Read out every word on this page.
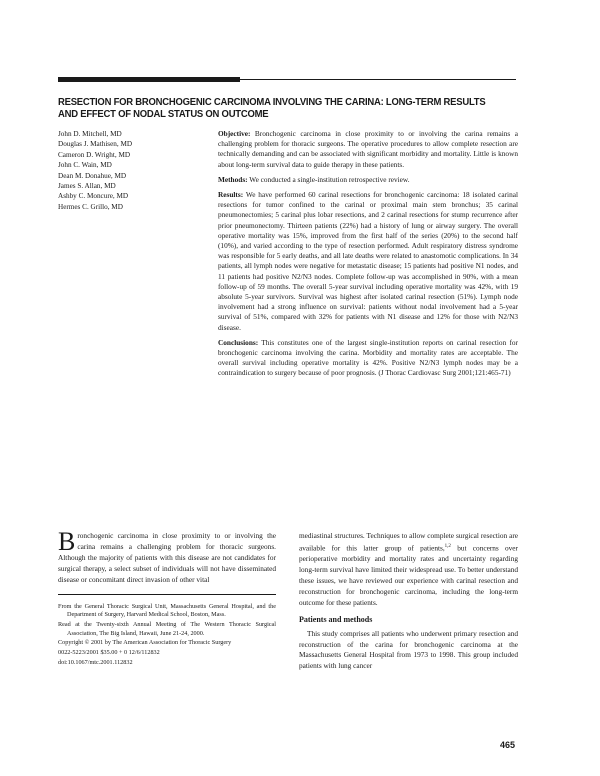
RESECTION FOR BRONCHOGENIC CARCINOMA INVOLVING THE CARINA: LONG-TERM RESULTS AND EFFECT OF NODAL STATUS ON OUTCOME
John D. Mitchell, MD
Douglas J. Mathisen, MD
Cameron D. Wright, MD
John C. Wain, MD
Dean M. Donahue, MD
James S. Allan, MD
Ashby C. Moncure, MD
Hermes C. Grillo, MD

Objective: Bronchogenic carcinoma in close proximity to or involving the carina remains a challenging problem for thoracic surgeons. The operative procedures to allow complete resection are technically demanding and can be associated with significant morbidity and mortality. Little is known about long-term survival data to guide therapy in these patients.

Methods: We conducted a single-institution retrospective review.

Results: We have performed 60 carinal resections for bronchogenic carcinoma: 18 isolated carinal resections for tumor confined to the carinal or proximal main stem bronchus; 35 carinal pneumonectomies; 5 carinal plus lobar resections, and 2 carinal resections for stump recurrence after prior pneumonectomy. Thirteen patients (22%) had a history of lung or airway surgery. The overall operative mortality was 15%, improved from the first half of the series (20%) to the second half (10%), and varied according to the type of resection performed. Adult respiratory distress syndrome was responsible for 5 early deaths, and all late deaths were related to anastomotic complications. In 34 patients, all lymph nodes were negative for metastatic disease; 15 patients had positive N1 nodes, and 11 patients had positive N2/N3 nodes. Complete follow-up was accomplished in 90%, with a mean follow-up of 59 months. The overall 5-year survival including operative mortality was 42%, with 19 absolute 5-year survivors. Survival was highest after isolated carinal resection (51%). Lymph node involvement had a strong influence on survival: patients without nodal involvement had a 5-year survival of 51%, compared with 32% for patients with N1 disease and 12% for those with N2/N3 disease.

Conclusions: This constitutes one of the largest single-institution reports on carinal resection for bronchogenic carcinoma involving the carina. Morbidity and mortality rates are acceptable. The overall survival including operative mortality is 42%. Positive N2/N3 lymph nodes may be a contraindication to surgery because of poor prognosis. (J Thorac Cardiovasc Surg 2001;121:465-71)

Bronchogenic carcinoma in close proximity to or involving the carina remains a challenging problem for thoracic surgeons. Although the majority of patients with this disease are not candidates for surgical therapy, a select subset of individuals will not have disseminated disease or concomitant direct invasion of other vital

From the General Thoracic Surgical Unit, Massachusetts General Hospital, and the Department of Surgery, Harvard Medical School, Boston, Mass.
Read at the Twenty-sixth Annual Meeting of The Western Thoracic Surgical Association, The Big Island, Hawaii, June 21-24, 2000.
Copyright © 2001 by The American Association for Thoracic Surgery
0022-5223/2001 $35.00 + 0 12/6/112832
doi:10.1067/mtc.2001.112832

mediastinal structures. Techniques to allow complete surgical resection are available for this latter group of patients,$^{1,2}$ but concerns over perioperative morbidity and mortality rates and uncertainty regarding long-term survival have limited their widespread use. To better understand these issues, we have reviewed our experience with carinal resection and reconstruction for bronchogenic carcinoma, including the long-term outcome for these patients.

Patients and methods

This study comprises all patients who underwent primary resection and reconstruction of the carina for bronchogenic carcinoma at the Massachusetts General Hospital from 1973 to 1998. This group included patients with lung cancer

465
